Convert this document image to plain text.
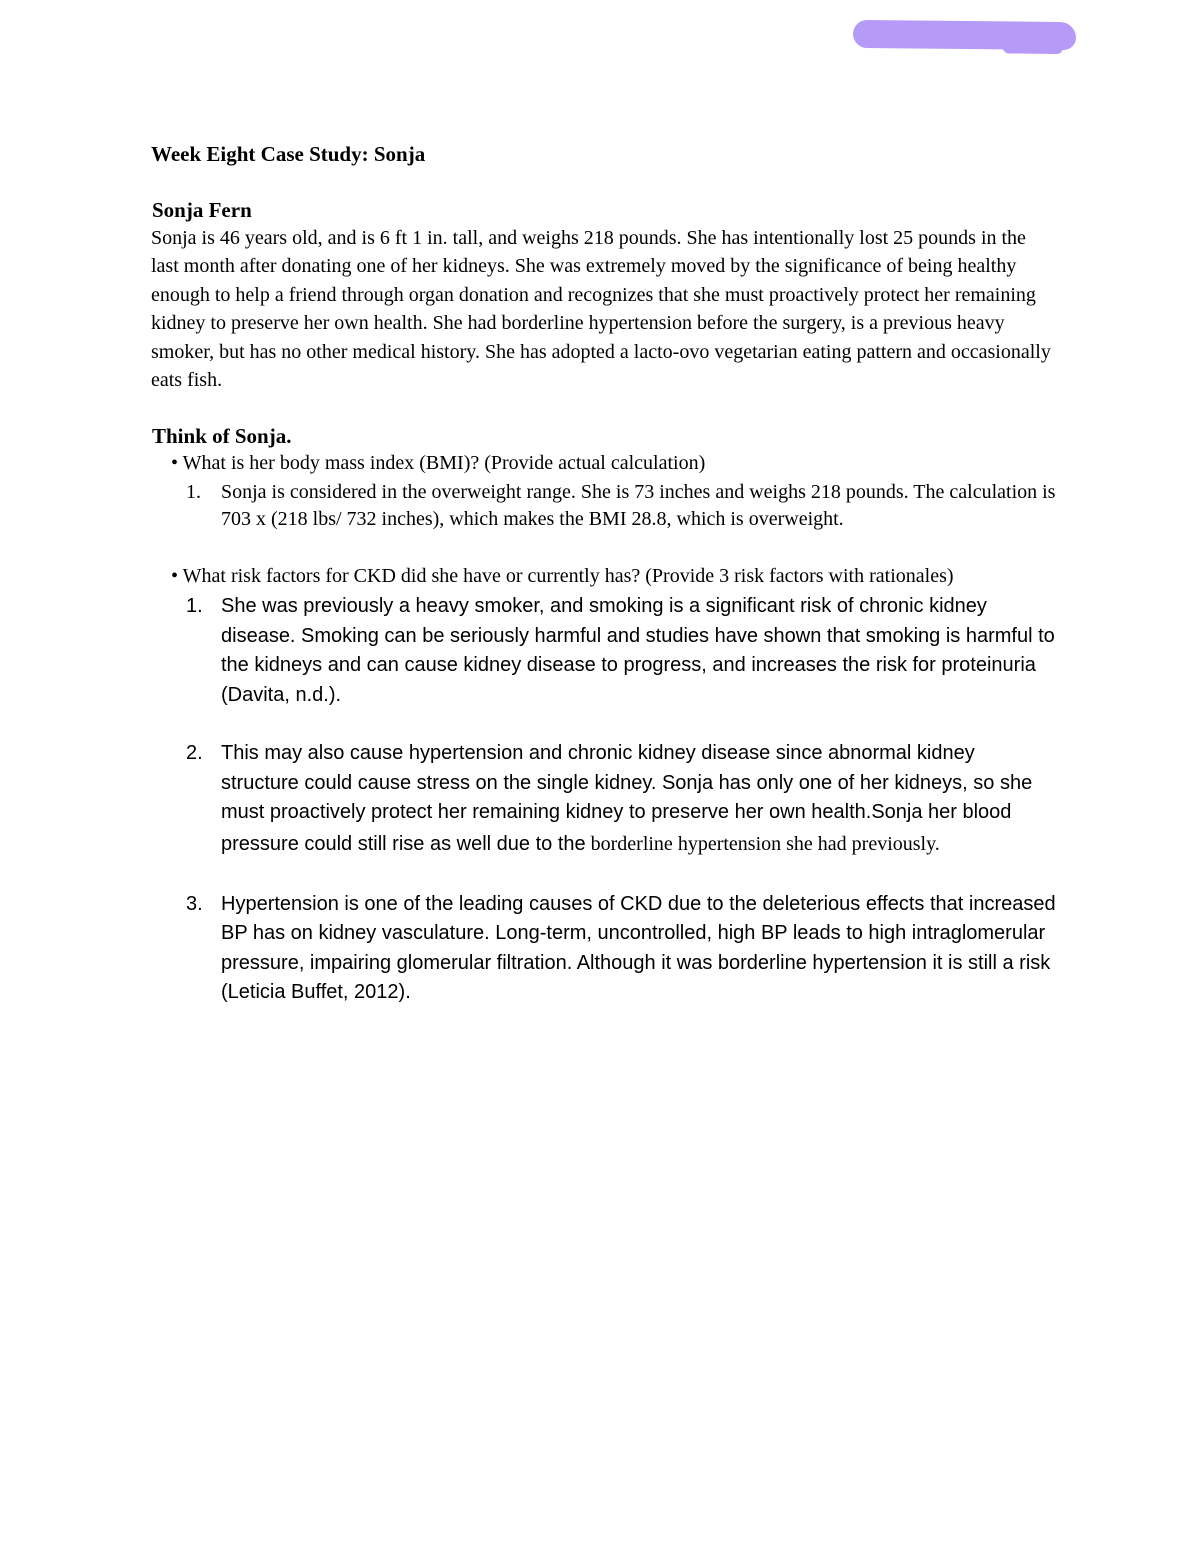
Week Eight Case Study: Sonja

Sonja Fern

Sonja is 46 years old, and is 6 ft 1 in. tall, and weighs 218 pounds. She has intentionally lost 25 pounds in the last month after donating one of her kidneys. She was extremely moved by the significance of being healthy enough to help a friend through organ donation and recognizes that she must proactively protect her remaining kidney to preserve her own health. She had borderline hypertension before the surgery, is a previous heavy smoker, but has no other medical history. She has adopted a lacto-ovo vegetarian eating pattern and occasionally eats fish.

Think of Sonja.

• What is her body mass index (BMI)? (Provide actual calculation)

1. Sonja is considered in the overweight range. She is 73 inches and weighs 218 pounds. The calculation is 703 x (218 lbs/ 732 inches), which makes the BMI 28.8, which is overweight.

• What risk factors for CKD did she have or currently has? (Provide 3 risk factors with rationales)

1. She was previously a heavy smoker, and smoking is a significant risk of chronic kidney disease. Smoking can be seriously harmful and studies have shown that smoking is harmful to the kidneys and can cause kidney disease to progress, and increases the risk for proteinuria (Davita, n.d.).
2. This may also cause hypertension and chronic kidney disease since abnormal kidney structure could cause stress on the single kidney. Sonja has only one of her kidneys, so she must proactively protect her remaining kidney to preserve her own health.Sonja her blood pressure could still rise as well due to the borderline hypertension she had previously.
3. Hypertension is one of the leading causes of CKD due to the deleterious effects that increased BP has on kidney vasculature. Long-term, uncontrolled, high BP leads to high intraglomerular pressure, impairing glomerular filtration. Although it was borderline hypertension it is still a risk (Leticia Buffet, 2012).
